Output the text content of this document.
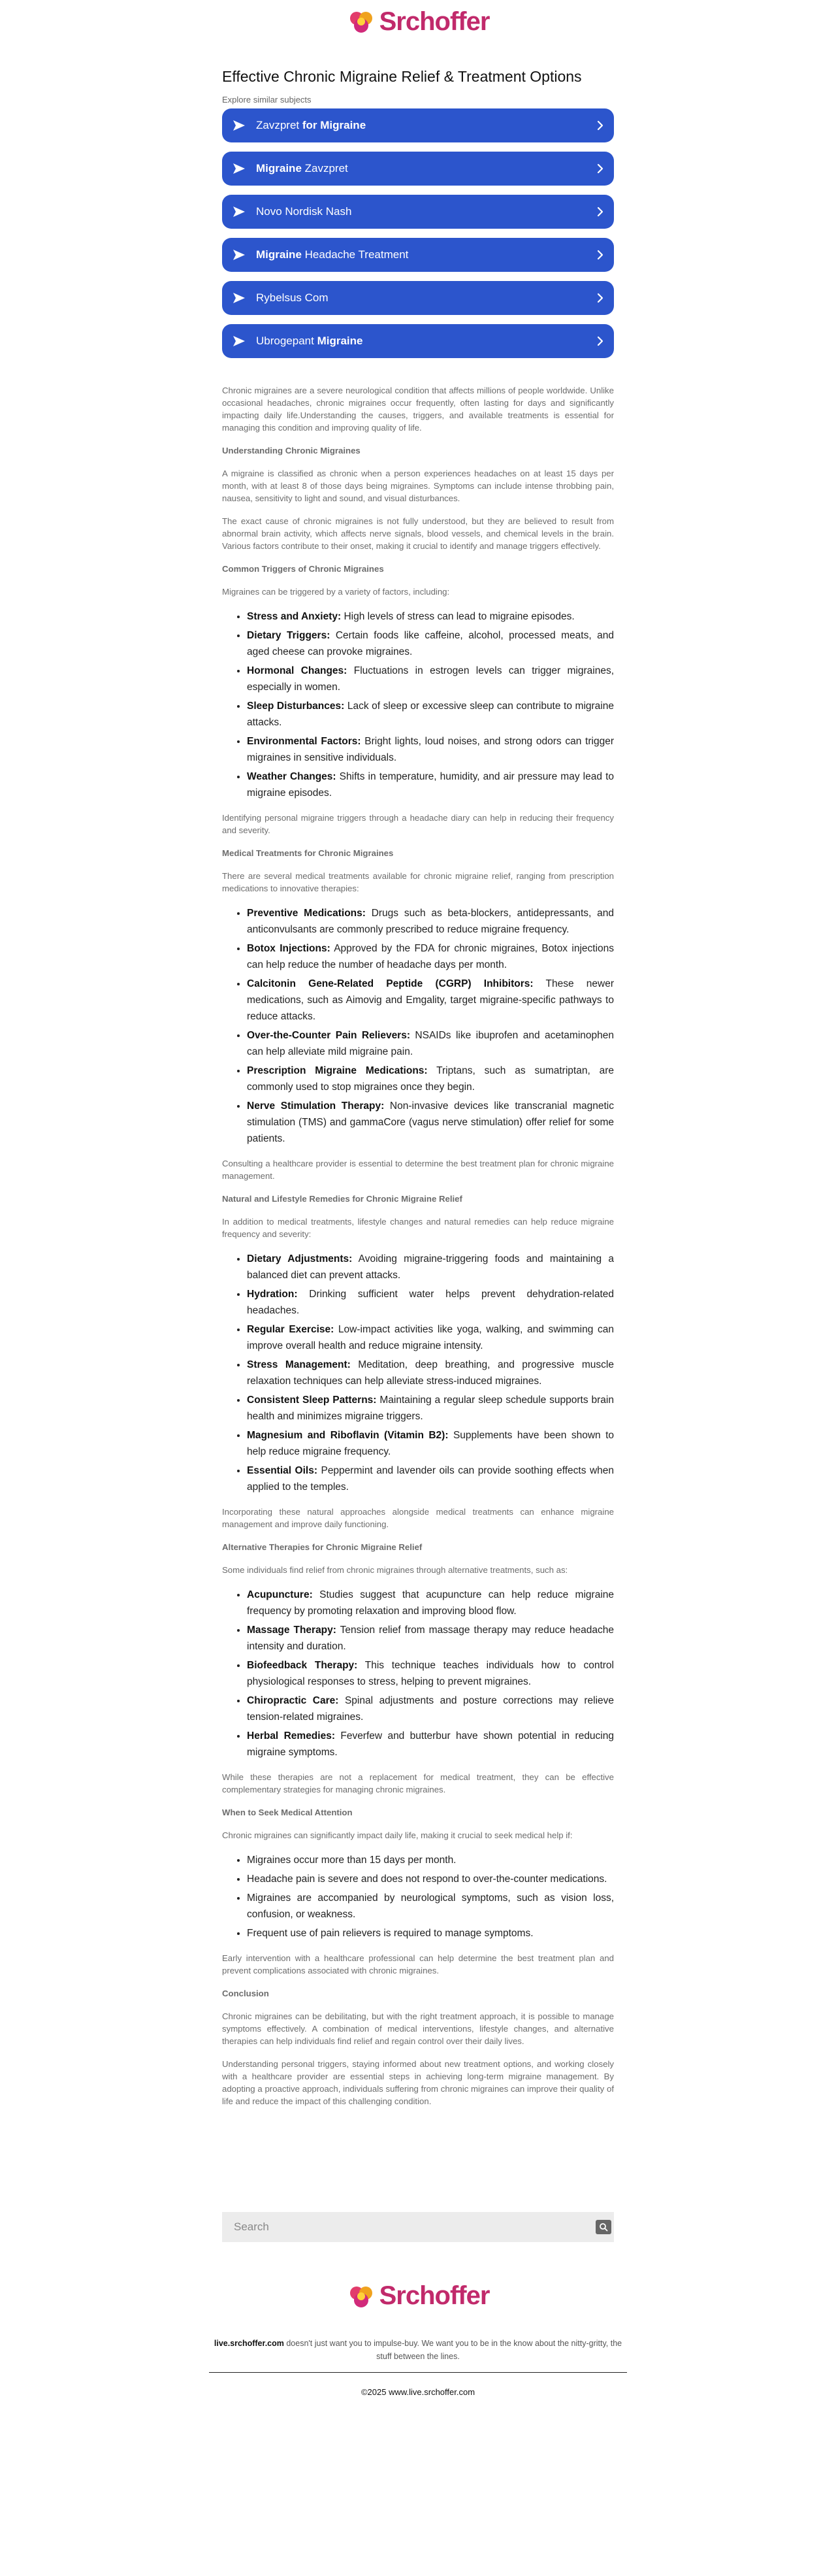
Srchoffer
Effective Chronic Migraine Relief & Treatment Options
Explore similar subjects
Zavzpret for Migraine
Migraine Zavzpret
Novo Nordisk Nash
Migraine Headache Treatment
Rybelsus Com
Ubrogepant Migraine

Chronic migraines are a severe neurological condition that affects millions of people worldwide. Unlike occasional headaches, chronic migraines occur frequently, often lasting for days and significantly impacting daily life.Understanding the causes, triggers, and available treatments is essential for managing this condition and improving quality of life.

Understanding Chronic Migraines

A migraine is classified as chronic when a person experiences headaches on at least 15 days per month, with at least 8 of those days being migraines. Symptoms can include intense throbbing pain, nausea, sensitivity to light and sound, and visual disturbances.

The exact cause of chronic migraines is not fully understood, but they are believed to result from abnormal brain activity, which affects nerve signals, blood vessels, and chemical levels in the brain. Various factors contribute to their onset, making it crucial to identify and manage triggers effectively.

Common Triggers of Chronic Migraines

Migraines can be triggered by a variety of factors, including:

• Stress and Anxiety: High levels of stress can lead to migraine episodes.
• Dietary Triggers: Certain foods like caffeine, alcohol, processed meats, and aged cheese can provoke migraines.
• Hormonal Changes: Fluctuations in estrogen levels can trigger migraines, especially in women.
• Sleep Disturbances: Lack of sleep or excessive sleep can contribute to migraine attacks.
• Environmental Factors: Bright lights, loud noises, and strong odors can trigger migraines in sensitive individuals.
• Weather Changes: Shifts in temperature, humidity, and air pressure may lead to migraine episodes.

Identifying personal migraine triggers through a headache diary can help in reducing their frequency and severity.

Medical Treatments for Chronic Migraines

There are several medical treatments available for chronic migraine relief, ranging from prescription medications to innovative therapies:

• Preventive Medications: Drugs such as beta-blockers, antidepressants, and anticonvulsants are commonly prescribed to reduce migraine frequency.
• Botox Injections: Approved by the FDA for chronic migraines, Botox injections can help reduce the number of headache days per month.
• Calcitonin Gene-Related Peptide (CGRP) Inhibitors: These newer medications, such as Aimovig and Emgality, target migraine-specific pathways to reduce attacks.
• Over-the-Counter Pain Relievers: NSAIDs like ibuprofen and acetaminophen can help alleviate mild migraine pain.
• Prescription Migraine Medications: Triptans, such as sumatriptan, are commonly used to stop migraines once they begin.
• Nerve Stimulation Therapy: Non-invasive devices like transcranial magnetic stimulation (TMS) and gammaCore (vagus nerve stimulation) offer relief for some patients.

Consulting a healthcare provider is essential to determine the best treatment plan for chronic migraine management.

Natural and Lifestyle Remedies for Chronic Migraine Relief

In addition to medical treatments, lifestyle changes and natural remedies can help reduce migraine frequency and severity:

• Dietary Adjustments: Avoiding migraine-triggering foods and maintaining a balanced diet can prevent attacks.
• Hydration: Drinking sufficient water helps prevent dehydration-related headaches.
• Regular Exercise: Low-impact activities like yoga, walking, and swimming can improve overall health and reduce migraine intensity.
• Stress Management: Meditation, deep breathing, and progressive muscle relaxation techniques can help alleviate stress-induced migraines.
• Consistent Sleep Patterns: Maintaining a regular sleep schedule supports brain health and minimizes migraine triggers.
• Magnesium and Riboflavin (Vitamin B2): Supplements have been shown to help reduce migraine frequency.
• Essential Oils: Peppermint and lavender oils can provide soothing effects when applied to the temples.

Incorporating these natural approaches alongside medical treatments can enhance migraine management and improve daily functioning.

Alternative Therapies for Chronic Migraine Relief

Some individuals find relief from chronic migraines through alternative treatments, such as:

• Acupuncture: Studies suggest that acupuncture can help reduce migraine frequency by promoting relaxation and improving blood flow.
• Massage Therapy: Tension relief from massage therapy may reduce headache intensity and duration.
• Biofeedback Therapy: This technique teaches individuals how to control physiological responses to stress, helping to prevent migraines.
• Chiropractic Care: Spinal adjustments and posture corrections may relieve tension-related migraines.
• Herbal Remedies: Feverfew and butterbur have shown potential in reducing migraine symptoms.

While these therapies are not a replacement for medical treatment, they can be effective complementary strategies for managing chronic migraines.

When to Seek Medical Attention

Chronic migraines can significantly impact daily life, making it crucial to seek medical help if:

• Migraines occur more than 15 days per month.
• Headache pain is severe and does not respond to over-the-counter medications.
• Migraines are accompanied by neurological symptoms, such as vision loss, confusion, or weakness.
• Frequent use of pain relievers is required to manage symptoms.

Early intervention with a healthcare professional can help determine the best treatment plan and prevent complications associated with chronic migraines.

Conclusion

Chronic migraines can be debilitating, but with the right treatment approach, it is possible to manage symptoms effectively. A combination of medical interventions, lifestyle changes, and alternative therapies can help individuals find relief and regain control over their daily lives.

Understanding personal triggers, staying informed about new treatment options, and working closely with a healthcare provider are essential steps in achieving long-term migraine management. By adopting a proactive approach, individuals suffering from chronic migraines can improve their quality of life and reduce the impact of this challenging condition.

Search
Srchoffer
live.srchoffer.com doesn't just want you to impulse-buy. We want you to be in the know about the nitty-gritty, the stuff between the lines.
©2025 www.live.srchoffer.com
